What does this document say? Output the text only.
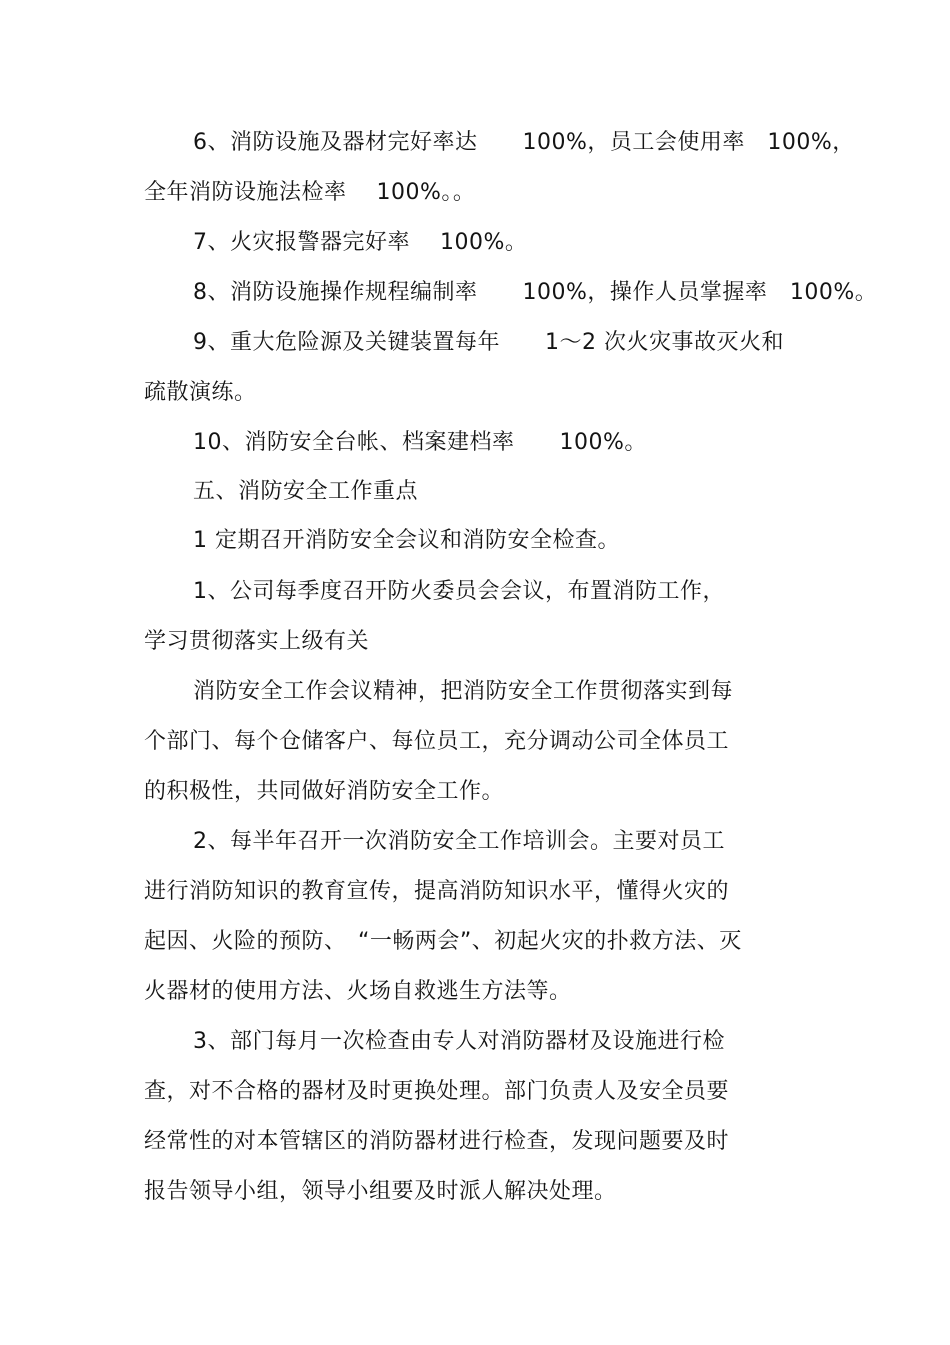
6、消防设施及器材完好率达　　100%，员工会使用率　100%，
全年消防设施法检率　 100%。。
7、火灾报警器完好率　 100%。
8、消防设施操作规程编制率　　100%，操作人员掌握率　100%。
9、重大危险源及关键装置每年　　1～2 次火灾事故灭火和
疏散演练。
10、消防安全台帐、档案建档率　　100%。
五、消防安全工作重点
1 定期召开消防安全会议和消防安全检查。
1、公司每季度召开防火委员会会议，布置消防工作，
学习贯彻落实上级有关
消防安全工作会议精神，把消防安全工作贯彻落实到每
个部门、每个仓储客户、每位员工，充分调动公司全体员工
的积极性，共同做好消防安全工作。
2、每半年召开一次消防安全工作培训会。主要对员工
进行消防知识的教育宣传，提高消防知识水平，懂得火灾的
起因、火险的预防、　“一畅两会”、初起火灾的扑救方法、灭
火器材的使用方法、火场自救逃生方法等。
3、部门每月一次检查由专人对消防器材及设施进行检
查，对不合格的器材及时更换处理。部门负责人及安全员要
经常性的对本管辖区的消防器材进行检查，发现问题要及时
报告领导小组，领导小组要及时派人解决处理。
